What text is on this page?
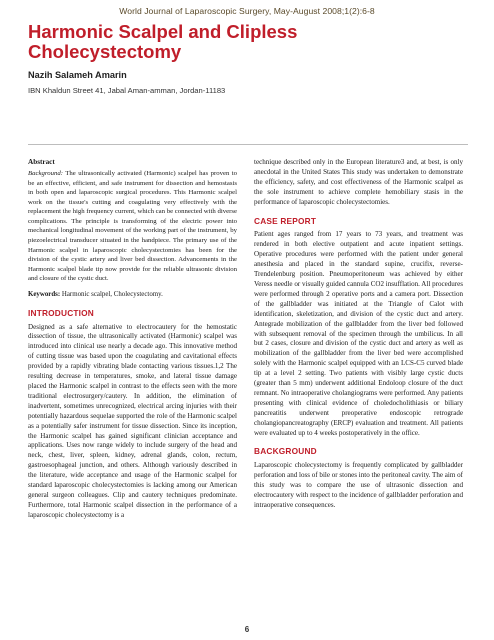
World Journal of Laparoscopic Surgery, May-August 2008;1(2):6-8
Harmonic Scalpel and Clipless Cholecystectomy
Nazih Salameh Amarin
IBN Khaldun Street 41, Jabal Aman-amman, Jordan-11183
Abstract

Background: The ultrasonically activated (Harmonic) scalpel has proven to be an effective, efficient, and safe instrument for dissection and hemostasis in both open and laparoscopic surgical procedures. This Harmonic scalpel work on the tissue's cutting and coagulating very effectively with the replacement the high frequency current, which can be connected with diverse complications. The principle is transforming of the electric power into mechanical longitudinal movement of the working part of the instrument, by piezoelectrical transducer situated in the handpiece. The primary use of the Harmonic scalpel in laparoscopic cholecystectomies has been for the division of the cystic artery and liver bed dissection. Advancements in the Harmonic scalpel blade tip now provide for the reliable ultrasonic division and closure of the cystic duct.

Keywords: Harmonic scalpel, Cholecystectomy.
INTRODUCTION

Designed as a safe alternative to electrocautery for the hemostatic dissection of tissue, the ultrasonically activated (Harmonic) scalpel was introduced into clinical use nearly a decade ago. This innovative method of cutting tissue was based upon the coagulating and cavitational effects provided by a rapidly vibrating blade contacting various tissues.1,2 The resulting decrease in temperatures, smoke, and lateral tissue damage placed the Harmonic scalpel in contrast to the effects seen with the more traditional electrosurgery/cautery. In addition, the elimination of inadvertent, sometimes unrecognized, electrical arcing injuries with their potentially hazardous sequelae supported the role of the Harmonic scalpel as a potentially safer instrument for tissue dissection. Since its inception, the Harmonic scalpel has gained significant clinician acceptance and applications. Uses now range widely to include surgery of the head and neck, chest, liver, spleen, kidney, adrenal glands, colon, rectum, gastroesophageal junction, and others. Although variously described in the literature, wide acceptance and usage of the Harmonic scalpel for standard laparoscopic cholecystectomies is lacking among our American general surgeon colleagues. Clip and cautery techniques predominate. Furthermore, total Harmonic scalpel dissection in the performance of a laparoscopic cholecystectomy is a

technique described only in the European literature3 and, at best, is only anecdotal in the United States This study was undertaken to demonstrate the efficiency, safety, and cost effectiveness of the Harmonic scalpel as the sole instrument to achieve complete hemobiliary stasis in the performance of laparoscopic cholecystectomies.

CASE REPORT

Patient ages ranged from 17 years to 73 years, and treatment was rendered in both elective outpatient and acute inpatient settings. Operative procedures were performed with the patient under general anesthesia and placed in the standard supine, crucifix, reverse-Trendelenburg position. Pneumoperitoneum was achieved by either Veress needle or visually guided cannula CO2 insufflation. All procedures were performed through 2 operative ports and a camera port. Dissection of the gallbladder was initiated at the Triangle of Calot with identification, skeletization, and division of the cystic duct and artery. Antegrade mobilization of the gallbladder from the liver bed followed with subsequent removal of the specimen through the umbilicus. In all but 2 cases, closure and division of the cystic duct and artery as well as mobilization of the gallbladder from the liver bed were accomplished solely with the Harmonic scalpel equipped with an LCS-C5 curved blade tip at a level 2 setting. Two patients with visibly large cystic ducts (greater than 5 mm) underwent additional Endoloop closure of the duct remnant. No intraoperative cholangiograms were performed. Any patients presenting with clinical evidence of choledocholithiasis or biliary pancreatitis underwent preoperative endoscopic retrograde cholangiopancreatography (ERCP) evaluation and treatment. All patients were evaluated up to 4 weeks postoperatively in the office.

BACKGROUND

Laparoscopic cholecystectomy is frequently complicated by gallbladder perforation and loss of bile or stones into the peritoneal cavity. The aim of this study was to compare the use of ultrasonic dissection and electrocautery with respect to the incidence of gallbladder perforation and intraoperative consequences.

6
